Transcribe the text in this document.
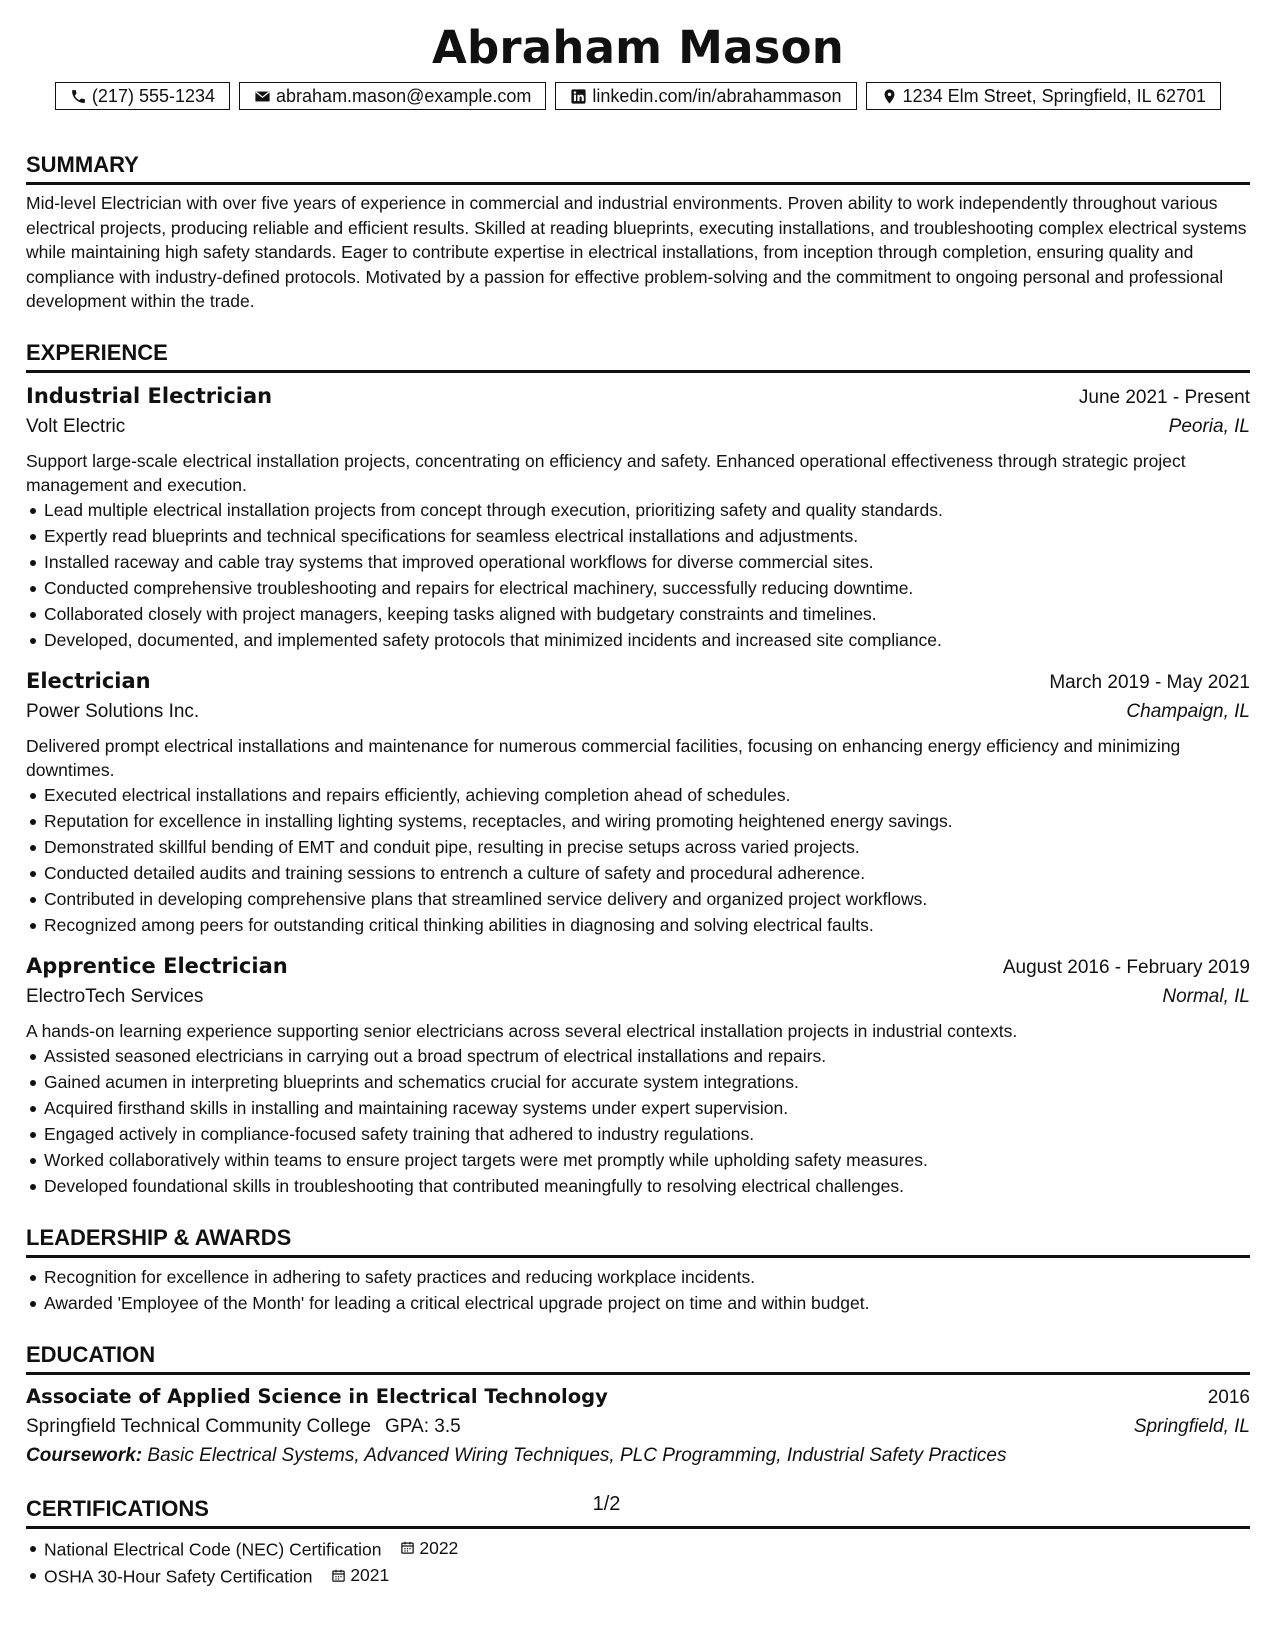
Abraham Mason
(217) 555-1234	abraham.mason@example.com	linkedin.com/in/abrahammason	1234 Elm Street, Springfield, IL 62701
SUMMARY
Mid-level Electrician with over five years of experience in commercial and industrial environments. Proven ability to work independently throughout various electrical projects, producing reliable and efficient results. Skilled at reading blueprints, executing installations, and troubleshooting complex electrical systems while maintaining high safety standards. Eager to contribute expertise in electrical installations, from inception through completion, ensuring quality and compliance with industry-defined protocols. Motivated by a passion for effective problem-solving and the commitment to ongoing personal and professional development within the trade.
EXPERIENCE
Industrial Electrician	June 2021 - Present
Volt Electric	Peoria, IL
Support large-scale electrical installation projects, concentrating on efficiency and safety. Enhanced operational effectiveness through strategic project management and execution.
Lead multiple electrical installation projects from concept through execution, prioritizing safety and quality standards.
Expertly read blueprints and technical specifications for seamless electrical installations and adjustments.
Installed raceway and cable tray systems that improved operational workflows for diverse commercial sites.
Conducted comprehensive troubleshooting and repairs for electrical machinery, successfully reducing downtime.
Collaborated closely with project managers, keeping tasks aligned with budgetary constraints and timelines.
Developed, documented, and implemented safety protocols that minimized incidents and increased site compliance.
Electrician	March 2019 - May 2021
Power Solutions Inc.	Champaign, IL
Delivered prompt electrical installations and maintenance for numerous commercial facilities, focusing on enhancing energy efficiency and minimizing downtimes.
Executed electrical installations and repairs efficiently, achieving completion ahead of schedules.
Reputation for excellence in installing lighting systems, receptacles, and wiring promoting heightened energy savings.
Demonstrated skillful bending of EMT and conduit pipe, resulting in precise setups across varied projects.
Conducted detailed audits and training sessions to entrench a culture of safety and procedural adherence.
Contributed in developing comprehensive plans that streamlined service delivery and organized project workflows.
Recognized among peers for outstanding critical thinking abilities in diagnosing and solving electrical faults.
Apprentice Electrician	August 2016 - February 2019
ElectroTech Services	Normal, IL
A hands-on learning experience supporting senior electricians across several electrical installation projects in industrial contexts.
Assisted seasoned electricians in carrying out a broad spectrum of electrical installations and repairs.
Gained acumen in interpreting blueprints and schematics crucial for accurate system integrations.
Acquired firsthand skills in installing and maintaining raceway systems under expert supervision.
Engaged actively in compliance-focused safety training that adhered to industry regulations.
Worked collaboratively within teams to ensure project targets were met promptly while upholding safety measures.
Developed foundational skills in troubleshooting that contributed meaningfully to resolving electrical challenges.
LEADERSHIP & AWARDS
Recognition for excellence in adhering to safety practices and reducing workplace incidents.
Awarded 'Employee of the Month' for leading a critical electrical upgrade project on time and within budget.
EDUCATION
Associate of Applied Science in Electrical Technology	2016
Springfield Technical Community College GPA: 3.5	Springfield, IL
Coursework: Basic Electrical Systems, Advanced Wiring Techniques, PLC Programming, Industrial Safety Practices
CERTIFICATIONS
National Electrical Code (NEC) Certification 2022
OSHA 30-Hour Safety Certification 2021
1/2
